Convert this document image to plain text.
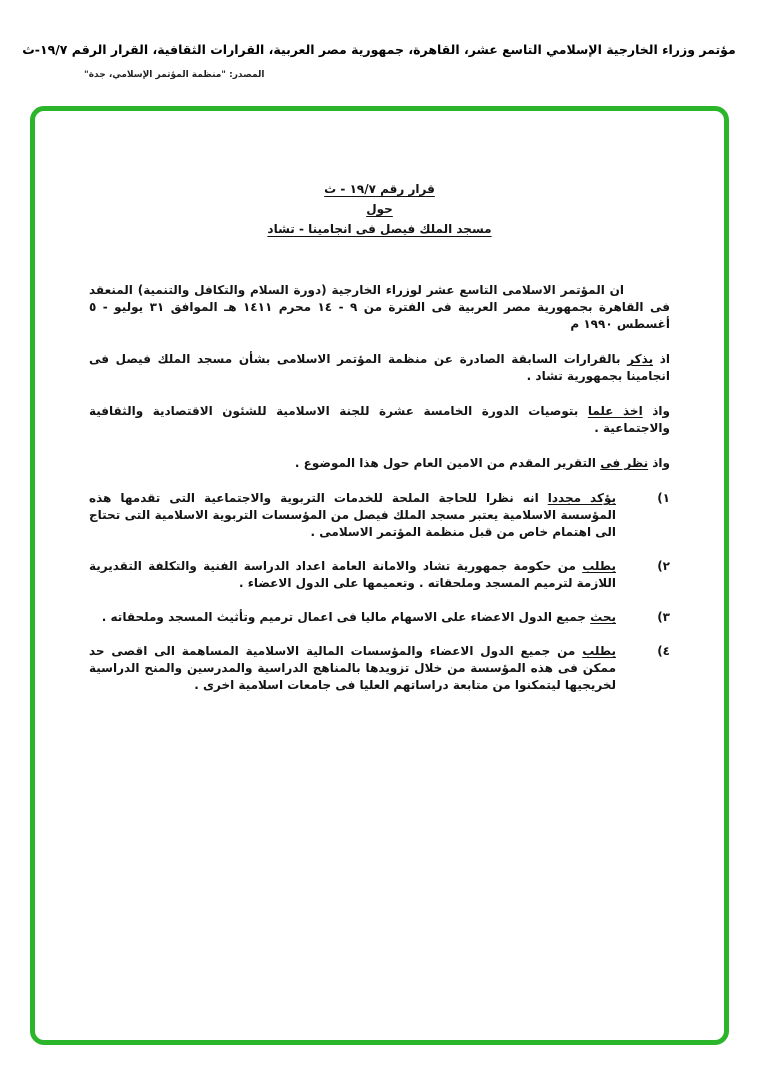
مؤتمر وزراء الخارجية الإسلامي التاسع عشر، القاهرة، جمهورية مصر العربية، القرارات الثقافية، القرار الرقم ١٩/٧-ث
المصدر: "منظمة المؤتمر الإسلامي، جدة"
قرار رقم ١٩/٧ - ث
حول
مسجد الملك فيصل فى انجامينا - تشاد

ان المؤتمر الاسلامى التاسع عشر لوزراء الخارجية (دورة السلام والتكافل والتنمية) المنعقد فى القاهرة بجمهورية مصر العربية فى الفترة من ٩ - ١٤ محرم ١٤١١ هـ الموافق ٣١ يوليو - ٥ أغسطس ١٩٩٠ م

اذ يذكر بالقرارات السابقة الصادرة عن منظمة المؤتمر الاسلامى بشأن مسجد الملك فيصل فى انجامينا بجمهورية تشاد .

واذ اخذ علما بتوصيات الدورة الخامسة عشرة للجنة الاسلامية للشئون الاقتصادية والثقافية والاجتماعية .

واذ نظر فى التقرير المقدم من الامين العام حول هذا الموضوع .

١)

يؤكد مجددا انه نظرا للحاجة الملحة للخدمات التربوية والاجتماعية التى تقدمها هذه المؤسسة الاسلامية يعتبر مسجد الملك فيصل من المؤسسات التربوية الاسلامية التى تحتاج الى اهتمام خاص من قبل منظمة المؤتمر الاسلامى .

٢)

يطلب من حكومة جمهورية تشاد والامانة العامة اعداد الدراسة الفنية والتكلفة التقديرية اللازمة لترميم المسجد وملحقاته . وتعميمها على الدول الاعضاء .

٣)

يحث جميع الدول الاعضاء على الاسهام ماليا فى اعمال ترميم وتأثيث المسجد وملحقاته .

٤)

يطلب من جميع الدول الاعضاء والمؤسسات المالية الاسلامية المساهمة الى اقصى حد ممكن فى هذه المؤسسة من خلال تزويدها بالمناهج الدراسية والمدرسين والمنح الدراسية لخريجيها ليتمكنوا من متابعة دراساتهم العليا فى جامعات اسلامية اخرى .
